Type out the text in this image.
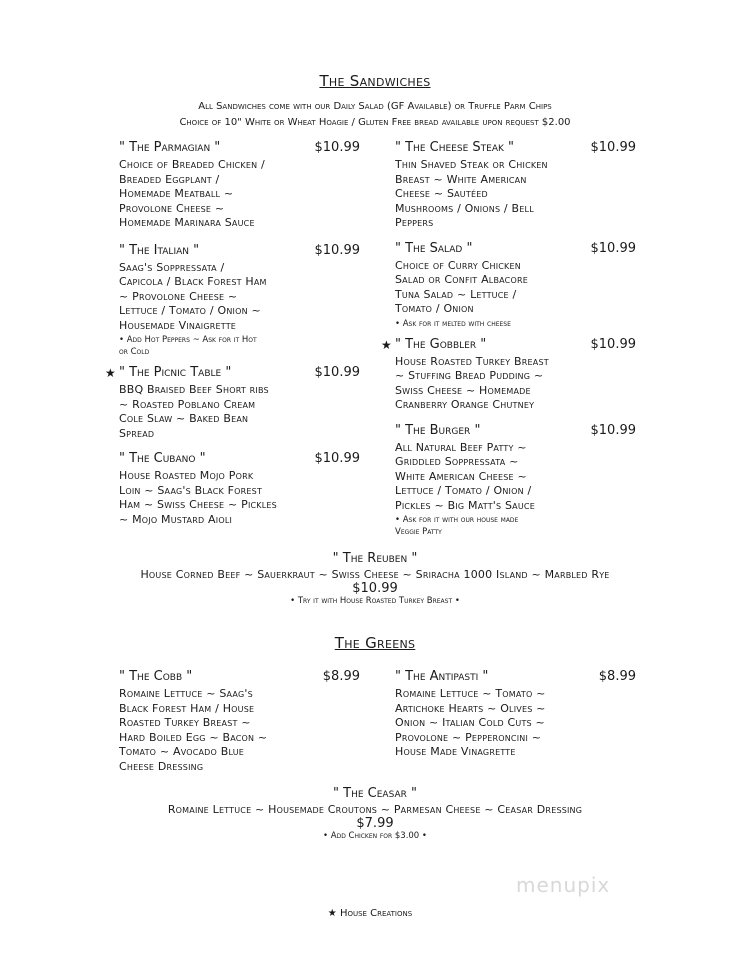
The Sandwiches
All Sandwiches come with our Daily Salad (GF Available) or Truffle Parm Chips
Choice of 10" White or Wheat Hoagie / Gluten Free bread available upon request $2.00
" The Parmagian "	$10.99
Choice of Breaded Chicken /
Breaded Eggplant /
Homemade Meatball ~
Provolone Cheese ~
Homemade Marinara Sauce
" The Italian "	$10.99
Saag's Soppressata /
Capicola / Black Forest Ham
~ Provolone Cheese ~
Lettuce / Tomato / Onion ~
Housemade Vinaigrette
• Add Hot Peppers ~ Ask for it Hot
or Cold
★ " The Picnic Table "	$10.99
BBQ Braised Beef Short ribs
~ Roasted Poblano Cream
Cole Slaw ~ Baked Bean
Spread
" The Cubano "	$10.99
House Roasted Mojo Pork
Loin ~ Saag's Black Forest
Ham ~ Swiss Cheese ~ Pickles
~ Mojo Mustard Aioli
" The Cheese Steak "	$10.99
Thin Shaved Steak or Chicken
Breast ~ White American
Cheese ~ Sautéed
Mushrooms / Onions / Bell
Peppers
" The Salad "	$10.99
Choice of Curry Chicken
Salad or Confit Albacore
Tuna Salad ~ Lettuce /
Tomato / Onion
• Ask for it melted with cheese
★ " The Gobbler "	$10.99
House Roasted Turkey Breast
~ Stuffing Bread Pudding ~
Swiss Cheese ~ Homemade
Cranberry Orange Chutney
" The Burger "	$10.99
All Natural Beef Patty ~
Griddled Soppressata ~
White American Cheese ~
Lettuce / Tomato / Onion /
Pickles ~ Big Matt's Sauce
• Ask for it with our house made
Veggie Patty
" The Reuben "
House Corned Beef ~ Sauerkraut ~ Swiss Cheese ~ Sriracha 1000 Island ~ Marbled Rye
$10.99
• Try it with House Roasted Turkey Breast •
The Greens
" The Cobb "	$8.99
Romaine Lettuce ~ Saag's
Black Forest Ham / House
Roasted Turkey Breast ~
Hard Boiled Egg ~ Bacon ~
Tomato ~ Avocado Blue
Cheese Dressing
" The Antipasti "	$8.99
Romaine Lettuce ~ Tomato ~
Artichoke Hearts ~ Olives ~
Onion ~ Italian Cold Cuts ~
Provolone ~ Pepperoncini ~
House Made Vinagrette
" The Ceasar "
Romaine Lettuce ~ Housemade Croutons ~ Parmesan Cheese ~ Ceasar Dressing
$7.99
• Add Chicken for $3.00 •
menupix
★ House Creations
